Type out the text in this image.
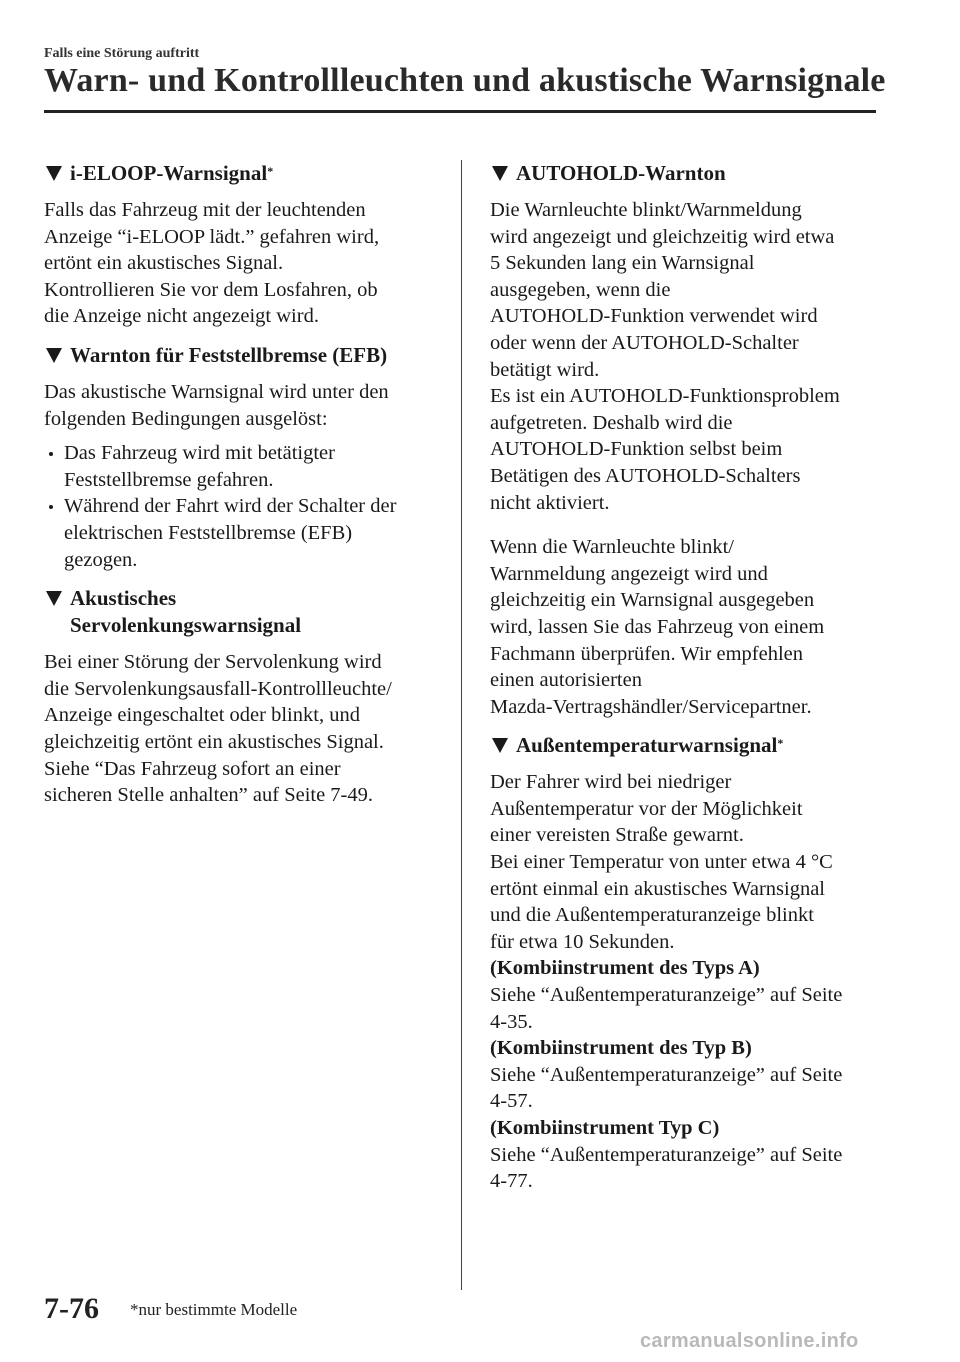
Falls eine Störung auftritt
Warn- und Kontrollleuchten und akustische Warnsignale
i-ELOOP-Warnsignal*
Falls das Fahrzeug mit der leuchtenden
Anzeige “i-ELOOP lädt.” gefahren wird,
ertönt ein akustisches Signal.
Kontrollieren Sie vor dem Losfahren, ob
die Anzeige nicht angezeigt wird.
Warnton für Feststellbremse (EFB)
Das akustische Warnsignal wird unter den
folgenden Bedingungen ausgelöst:
Das Fahrzeug wird mit betätigter
Feststellbremse gefahren.
Während der Fahrt wird der Schalter der
elektrischen Feststellbremse (EFB)
gezogen.
Akustisches
Servolenkungswarnsignal
Bei einer Störung der Servolenkung wird
die Servolenkungsausfall-Kontrollleuchte/
Anzeige eingeschaltet oder blinkt, und
gleichzeitig ertönt ein akustisches Signal.
Siehe “Das Fahrzeug sofort an einer
sicheren Stelle anhalten” auf Seite 7-49.
AUTOHOLD-Warnton
Die Warnleuchte blinkt/Warnmeldung
wird angezeigt und gleichzeitig wird etwa
5 Sekunden lang ein Warnsignal
ausgegeben, wenn die
AUTOHOLD-Funktion verwendet wird
oder wenn der AUTOHOLD-Schalter
betätigt wird.
Es ist ein AUTOHOLD-Funktionsproblem
aufgetreten. Deshalb wird die
AUTOHOLD-Funktion selbst beim
Betätigen des AUTOHOLD-Schalters
nicht aktiviert.
Wenn die Warnleuchte blinkt/
Warnmeldung angezeigt wird und
gleichzeitig ein Warnsignal ausgegeben
wird, lassen Sie das Fahrzeug von einem
Fachmann überprüfen. Wir empfehlen
einen autorisierten
Mazda-Vertragshändler/Servicepartner.
Außentemperaturwarnsignal*
Der Fahrer wird bei niedriger
Außentemperatur vor der Möglichkeit
einer vereisten Straße gewarnt.
Bei einer Temperatur von unter etwa 4 °C
ertönt einmal ein akustisches Warnsignal
und die Außentemperaturanzeige blinkt
für etwa 10 Sekunden.
(Kombiinstrument des Typs A)
Siehe “Außentemperaturanzeige” auf Seite
4-35.
(Kombiinstrument des Typ B)
Siehe “Außentemperaturanzeige” auf Seite
4-57.
(Kombiinstrument Typ C)
Siehe “Außentemperaturanzeige” auf Seite
4-77.
7-76 *nur bestimmte Modelle
carmanualsonline.info
